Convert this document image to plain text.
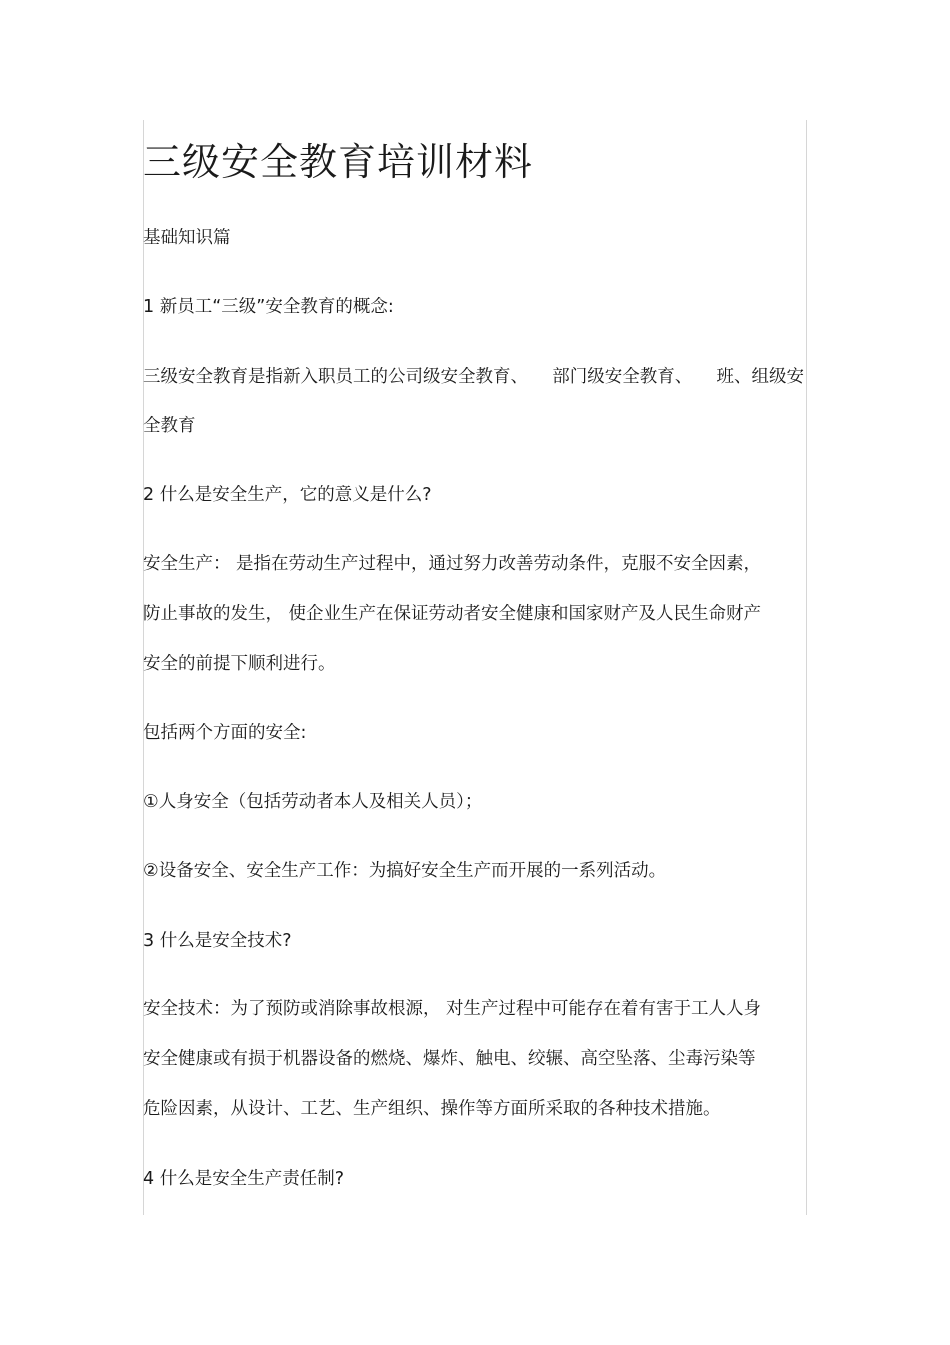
三级安全教育培训材料
基础知识篇
1 新员工“三级”安全教育的概念:
三级安全教育是指新入职员工的公司级安全教育、 部门级安全教育、 班、组级安
全教育
2 什么是安全生产，它的意义是什么?
安全生产： 是指在劳动生产过程中，通过努力改善劳动条件，克服不安全因素，
防止事故的发生， 使企业生产在保证劳动者安全健康和国家财产及人民生命财产
安全的前提下顺利进行。
包括两个方面的安全:
①人身安全（包括劳动者本人及相关人员）；
②设备安全、安全生产工作：为搞好安全生产而开展的一系列活动。
3 什么是安全技术?
安全技术：为了预防或消除事故根源， 对生产过程中可能存在着有害于工人人身
安全健康或有损于机器设备的燃烧、爆炸、触电、绞辗、高空坠落、尘毒污染等
危险因素，从设计、工艺、生产组织、操作等方面所采取的各种技术措施。
4 什么是安全生产责任制?
